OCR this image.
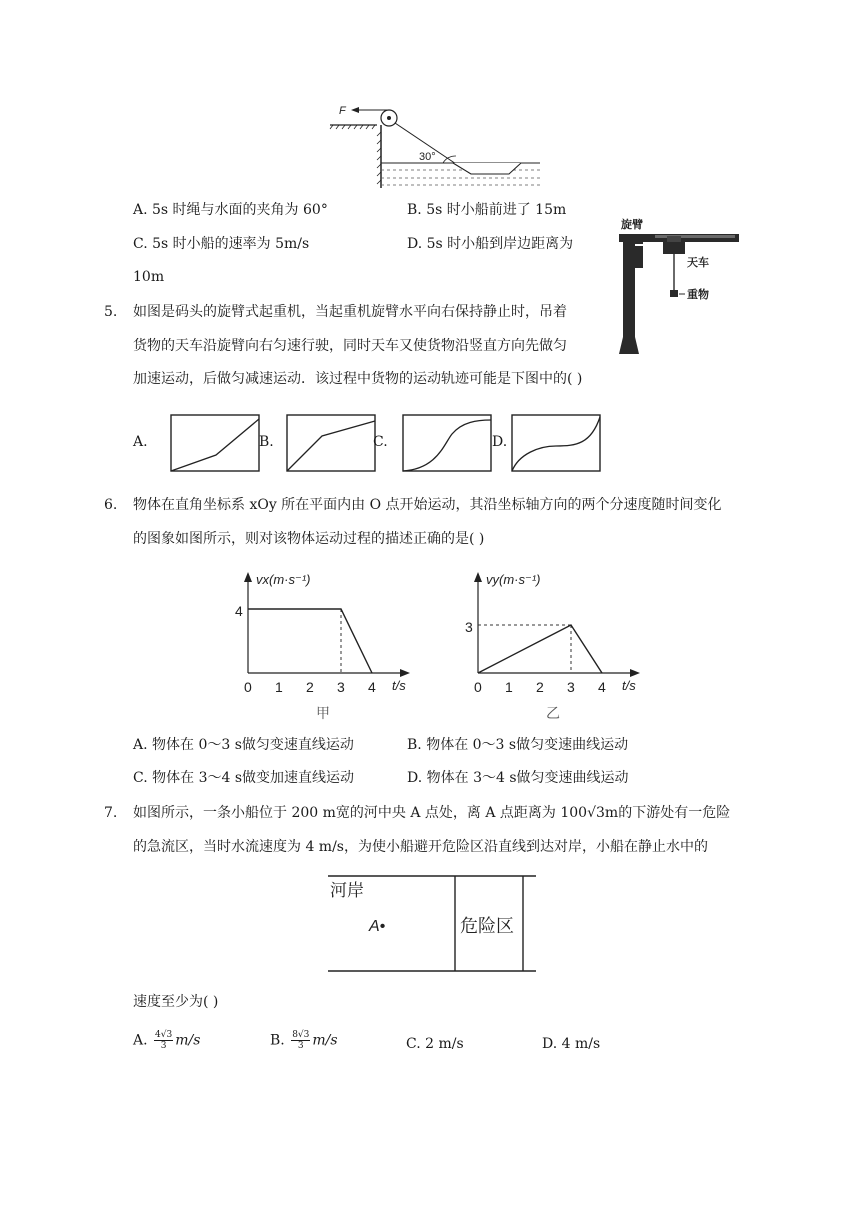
F
30°
A. 5s 时绳与水面的夹角为 60°	B. 5s 时小船前进了 15m
C. 5s 时小船的速率为 5m/s	D. 5s 时小船到岸边距离为
10m
旋臂
天车
重物
5. 如图是码头的旋臂式起重机，当起重机旋臂水平向右保持静止时，吊着
货物的天车沿旋臂向右匀速行驶，同时天车又使货物沿竖直方向先做匀
加速运动，后做匀减速运动．该过程中货物的运动轨迹可能是下图中的( )
A.	B.	C.	D.
6. 物体在直角坐标系 xOy 所在平面内由 O 点开始运动，其沿坐标轴方向的两个分速度随时间变化
的图象如图所示，则对该物体运动过程的描述正确的是( )
vx(m·s⁻¹)
t/s
4
0 1 2 3 4
甲
vy(m·s⁻¹)
t/s
3
0 1 2 3 4
乙
A. 物体在 0～3 s做匀变速直线运动	B. 物体在 0～3 s做匀变速曲线运动
C. 物体在 3～4 s做变加速直线运动	D. 物体在 3～4 s做匀变速曲线运动
7. 如图所示，一条小船位于 200 m宽的河中央 A 点处，离 A 点距离为 100√3m的下游处有一危险
的急流区，当时水流速度为 4 m/s，为使小船避开危险区沿直线到达对岸，小船在静止水中的
河岸
A•	危险区
速度至少为( )
A. $\frac{4√3}{3} m/s$	B. $\frac{8√3}{3} m/s$	C. 2 m/s	D. 4 m/s
